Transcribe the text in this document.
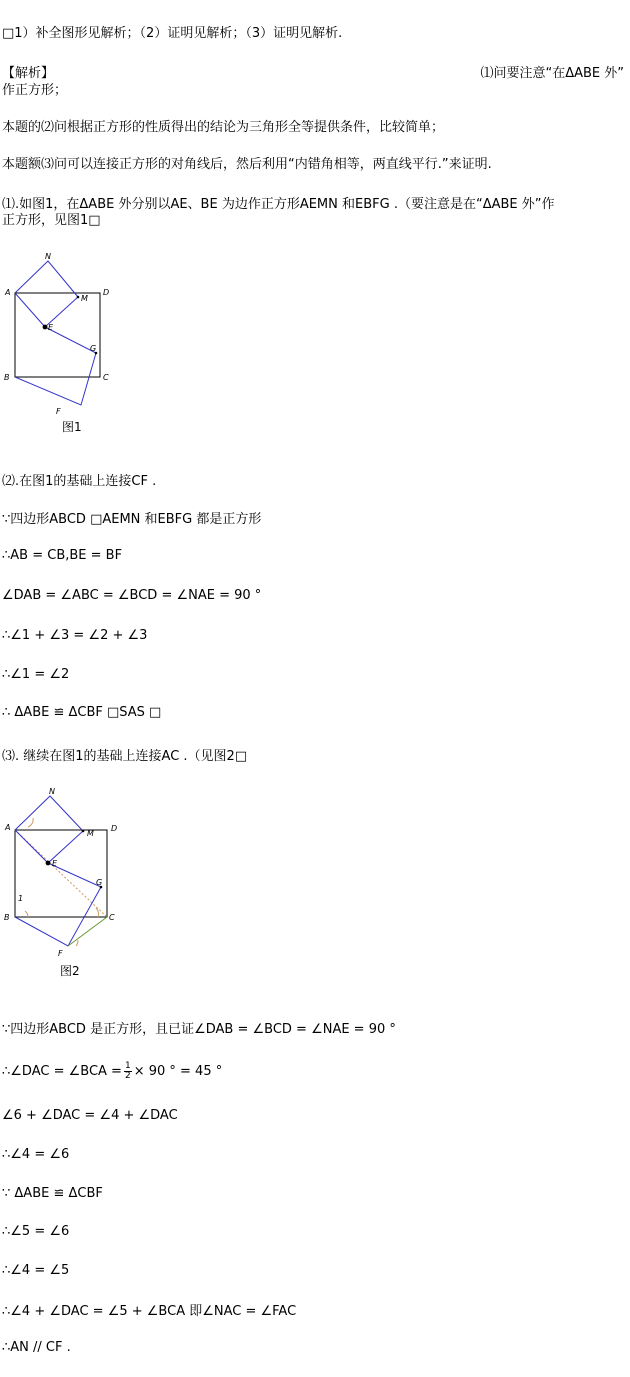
□1）补全图形见解析；（2）证明见解析；（3）证明见解析.
【解析】	⑴问要注意“在ΔABE 外”
作正方形；
本题的⑵问根据正方形的性质得出的结论为三角形全等提供条件，比较简单；
本题额⑶问可以连接正方形的对角线后，然后利用“内错角相等，两直线平行.”来证明.
⑴.如图1，在ΔABE 外分别以AE、BE 为边作正方形AEMN 和EBFG .（要注意是在“ΔABE 外”作
正方形，见图1□
N
A
M
D
E
G
B	C
F
图1
⑵.在图1的基础上连接CF .
∵四边形ABCD □AEMN 和EBFG 都是正方形
∴AB = CB,BE = BF
∠DAB = ∠ABC = ∠BCD = ∠NAE = 90 °
∴∠1 + ∠3 = ∠2 + ∠3
∴∠1 = ∠2
∴ ΔABE ≌ ΔCBF □SAS □
⑶. 继续在图1的基础上连接AC .（见图2□
N
A
M
D
E
G
1
B	C
F
图2
∵四边形ABCD 是正方形，且已证∠DAB = ∠BCD = ∠NAE = 90 °
∴∠DAC = ∠BCA = $\frac{1}{2} \times 90$ ° = 45 °
∠6 + ∠DAC = ∠4 + ∠DAC
∴∠4 = ∠6
∵ ΔABE ≌ ΔCBF
∴∠5 = ∠6
∴∠4 = ∠5
∴∠4 + ∠DAC = ∠5 + ∠BCA 即∠NAC = ∠FAC
∴AN // CF .
